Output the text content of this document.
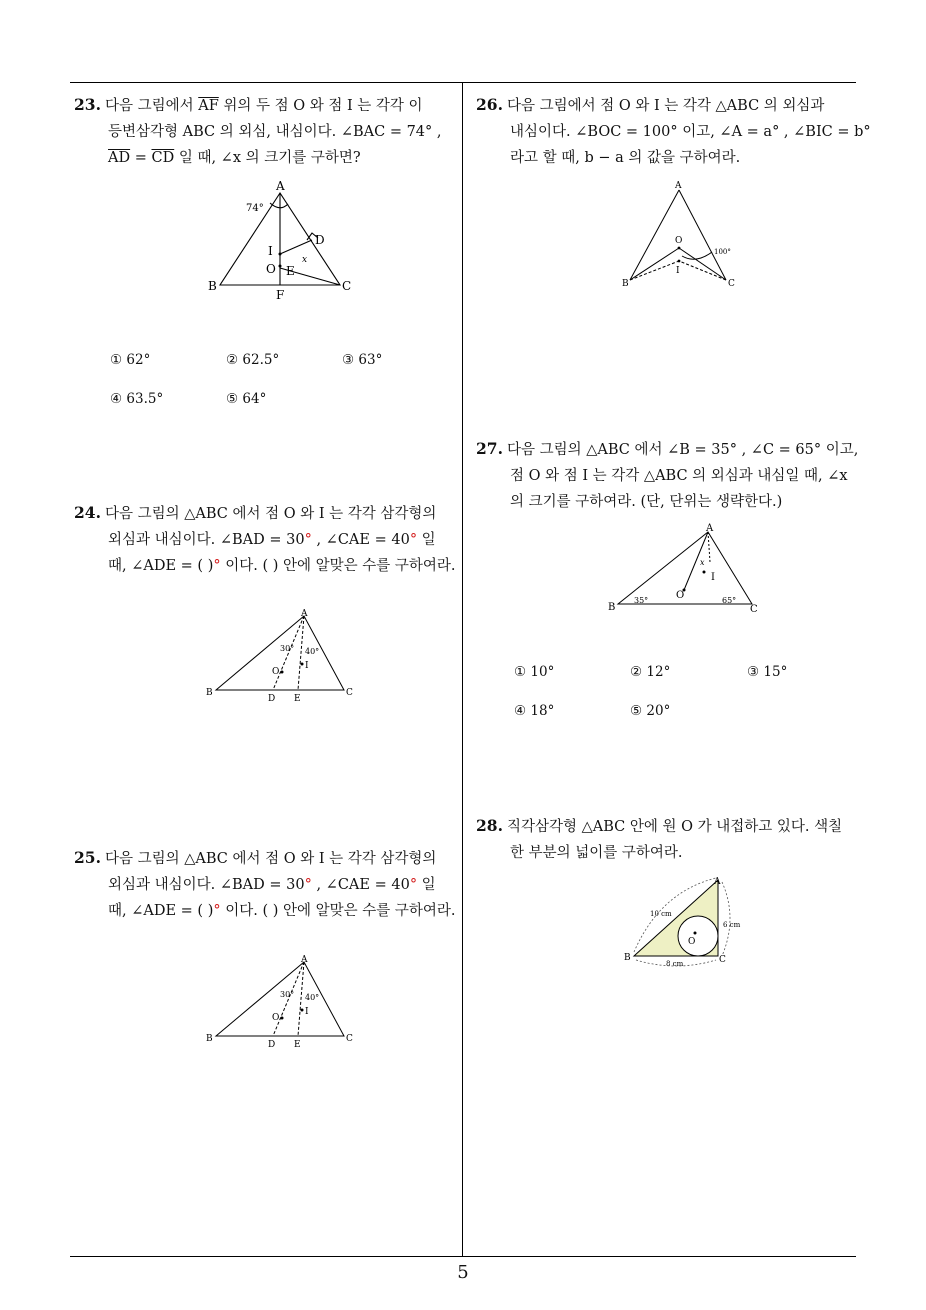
23. 다음 그림에서 $\overline{AF}$ 위의 두 점 O 와 점 I 는 각각 이
등변삼각형 ABC 의 외심, 내심이다. ∠BAC = 74° ,
$\overline{AD} = \overline{CD}$ 일 때, ∠x 의 크기를 구하면?
A
B	C
D
E
F
I
O
74°
x
① 62°	② 62.5°	③ 63°
④ 63.5°	⑤ 64°
24. 다음 그림의 △ABC 에서 점 O 와 I 는 각각 삼각형의
외심과 내심이다. ∠BAD = 30° , ∠CAE = 40° 일
때, ∠ADE = ( )° 이다. ( ) 안에 알맞은 수를 구하여라.
A
B	C
D E
O
I
30° 40°
25. 다음 그림의 △ABC 에서 점 O 와 I 는 각각 삼각형의
외심과 내심이다. ∠BAD = 30° , ∠CAE = 40° 일
때, ∠ADE = ( )° 이다. ( ) 안에 알맞은 수를 구하여라.
A
B	C
D E
O
I
30° 40°
26. 다음 그림에서 점 O 와 I 는 각각 △ABC 의 외심과
내심이다. ∠BOC = 100° 이고, ∠A = a° , ∠BIC = b°
라고 할 때, b − a 의 값을 구하여라.
A
B	C
O
I
100°
27. 다음 그림의 △ABC 에서 ∠B = 35° , ∠C = 65° 이고,
점 O 와 점 I 는 각각 △ABC 의 외심과 내심일 때, ∠x
의 크기를 구하여라. (단, 단위는 생략한다.)
A
B	C
O
I
x
35°	65°
① 10°	② 12°	③ 15°
④ 18°	⑤ 20°
28. 직각삼각형 △ABC 안에 원 O 가 내접하고 있다. 색칠
한 부분의 넓이를 구하여라.
A
B	C
O
10 cm
6 cm
8 cm
5
